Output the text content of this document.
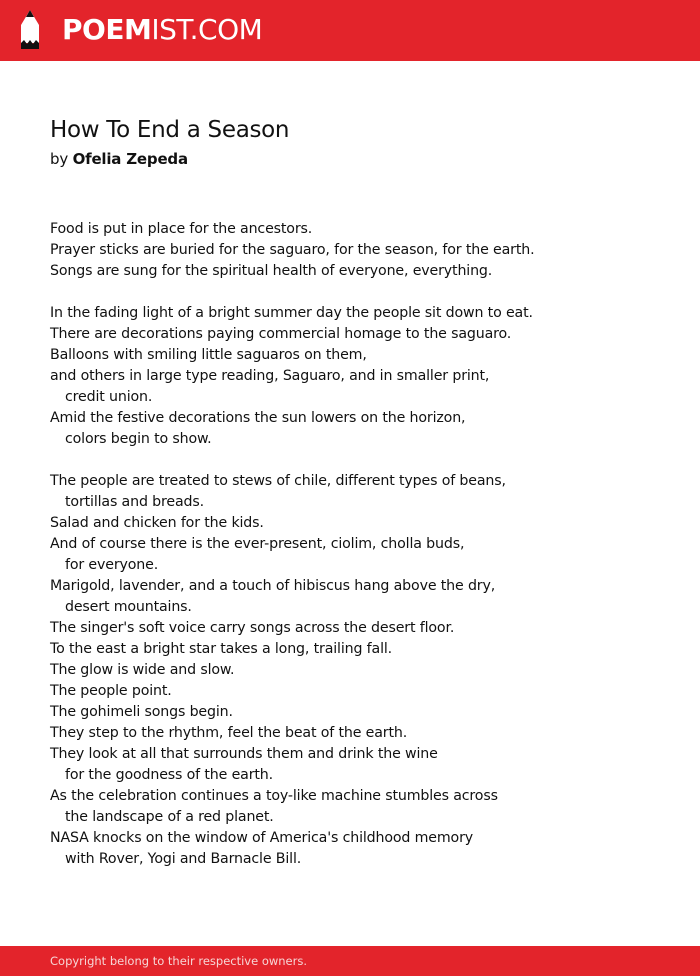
POEMIST.COM
How To End a Season
by Ofelia Zepeda
Food is put in place for the ancestors.
Prayer sticks are buried for the saguaro, for the season, for the earth.
Songs are sung for the spiritual health of everyone, everything.
In the fading light of a bright summer day the people sit down to eat.
There are decorations paying commercial homage to the saguaro.
Balloons with smiling little saguaros on them,
and others in large type reading, Saguaro, and in smaller print,
credit union.
Amid the festive decorations the sun lowers on the horizon,
colors begin to show.
The people are treated to stews of chile, different types of beans,
tortillas and breads.
Salad and chicken for the kids.
And of course there is the ever-present, ciolim, cholla buds,
for everyone.
Marigold, lavender, and a touch of hibiscus hang above the dry,
desert mountains.
The singer's soft voice carry songs across the desert floor.
To the east a bright star takes a long, trailing fall.
The glow is wide and slow.
The people point.
The gohimeli songs begin.
They step to the rhythm, feel the beat of the earth.
They look at all that surrounds them and drink the wine
for the goodness of the earth.
As the celebration continues a toy-like machine stumbles across
the landscape of a red planet.
NASA knocks on the window of America's childhood memory
with Rover, Yogi and Barnacle Bill.
Copyright belong to their respective owners.
